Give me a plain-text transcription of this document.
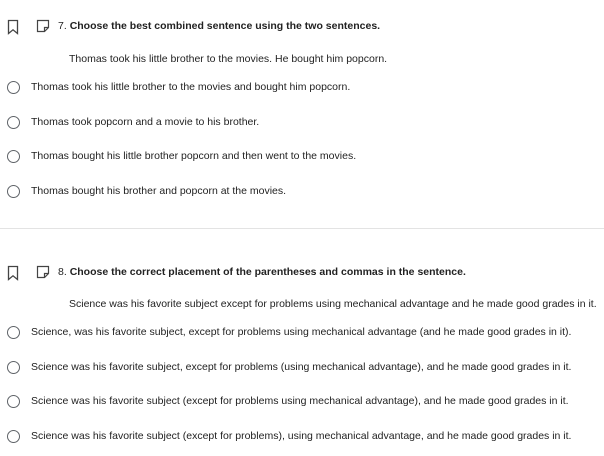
7. Choose the best combined sentence using the two sentences.
Thomas took his little brother to the movies. He bought him popcorn.
Thomas took his little brother to the movies and bought him popcorn.
Thomas took popcorn and a movie to his brother.
Thomas bought his little brother popcorn and then went to the movies.
Thomas bought his brother and popcorn at the movies.
8. Choose the correct placement of the parentheses and commas in the sentence.
Science was his favorite subject except for problems using mechanical advantage and he made good grades in it.
Science, was his favorite subject, except for problems using mechanical advantage (and he made good grades in it).
Science was his favorite subject, except for problems (using mechanical advantage), and he made good grades in it.
Science was his favorite subject (except for problems using mechanical advantage), and he made good grades in it.
Science was his favorite subject (except for problems), using mechanical advantage, and he made good grades in it.
